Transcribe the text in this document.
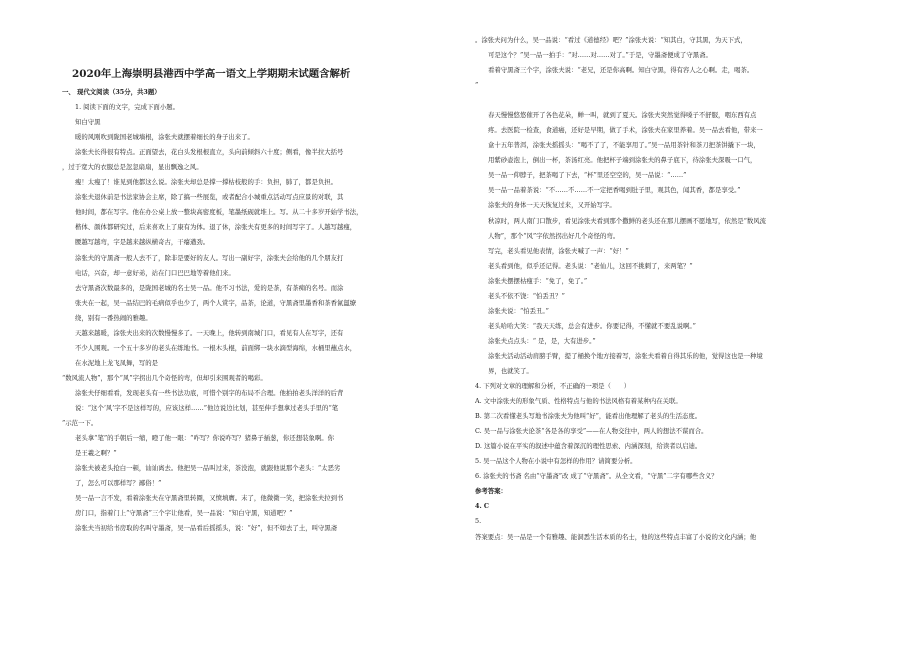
2020年上海崇明县港西中学高一语文上学期期末试题含解析

一、 现代文阅读（35分，共3题）

1. 阅读下面的文字，完成下面小题。

知白守黑

暖的风刚吹到陇国老城墙根，涂张夫就摆着细长的身子出来了。

涂张夫长得很有特点。正面望去，花白头发根根直立，头向前倾斜六十度；侧看，像半拉大括号

，过于宽大的衣服总是忽忽扇扇，显出飘逸之风。

瘦！太瘦了！谁见到他都这么说。涂张夫却总是撑一撑枯枝般的手：负担，肺了，都是负担。

涂张夫退休前是书法家协会主席，除了搞一些展览，或者配合小城重点活动写点应景的对联，其

他时间，都在写字。他在办公桌上放一整块高密度板，笔墨纸砚就堆上。写。从二十多岁开始学书法，

楷体、颜体都研究过，后来喜欢上了康有为体。退了休，涂张夫有更多的时间写字了。人越写越瘦，

腰越写越弯，字是越来越纵横奇古，干瘪遒劲。

涂张夫的守黑斋一般人去不了，除非是要好的友人。写出一副好字，涂张夫会给他的几个朋友打

电话，兴奋，却一意好弟，站在门口巴巴地等着他们来。

去守黑斋次数最多的，是陇国老城的名士吴一品。他不习书法，爱的是茶，有茶痴的名号。而涂

张夫在一起，吴一品结巴的毛病似乎也少了，两个人赏字，品茶，论道，守黑斋里墨香和茶香氤氲缭

绕，别有一番热闹的雅趣。

天越来越暖，涂张夫出来的次数慢慢多了。一天晚上，他转到南城门口，看见有人在写字，还有

不少人围观。一个五十多岁的老头在练地书。一根木头棍，前面绑一块水滴型海绵，水桶里蘸点水，

在水泥地上龙飞凤舞，写的是

“数风流人物”，那个“风”字拐出几个奇怪的弯，但却引来围观者的喝彩。

涂张夫仔细看看，发现老头有一些书法功底，可惜个别字的布局不合理。他拍拍老头洋洋的后背

说：“这个‘风’字不是这样写的，应该这样……”他边说边比划，甚至伸手想拿过老头手里的“笔

”示范一下。

老头拿“笔”的手朝后一缩，瞪了他一眼：“咋写？你说咋写？猪鼻子插葱，你还想装象啊。你

是王羲之啊？”

涂张夫被老头抢白一顿，讪讪离去。他把吴一品叫过来，茶没泡，就跟他说那个老头：“太恶劣

了，怎么可以那样写？鄙俗！”

吴一品一言不发，看着涂张夫在守黑斋里转圈，又愤填膺。末了，他微微一笑，把涂张夫拉到书

房门口，指着门上“守黑斋”三个字让他看，吴一品说：“知白守黑，知道吧？”

涂张夫当初给书房取的名叫守墨斋，吴一品看后摇摇头，说：“好”，但不如去了土，叫守黑斋

。涂张夫问为什么，吴一品说：“看过《道德经》吧？”涂张夫说：“知其白，守其黑，为天下式，

可是这个？”吴一品一拍手：“对……对……对了。”于是，守墨斋便成了守黑斋。

看着守黑斋三个字，涂张夫说：“老兄，还是你高啊。知白守黑，得有容人之心啊。走，喝茶。

”

春天慢慢悠悠催开了各色花朵，蝉一叫，就到了夏天。涂张夫突然觉得嗓子不舒服，咽东西有点

疼。去医院一检查，食道癌，还好是早期，做了手术，涂张夫在家里养着。吴一品去看他，带来一

盒十五年普洱，涂张夫摇摇头：“喝不了了，不能享用了。”吴一品用茶针和茶刀把茶饼撬下一块，

用紫砂壶泡上，倒出一杯，茶汤红亮。他把杯子端到涂张夫的鼻子底下，待涂张夫深吸一口气，

吴一品一仰脖子，把茶喝了下去，“杯”里还空空的，吴一品说：“……”

吴一品一品着茶说：“不……不……不一定把香喝到肚子里，观其色，闻其香，都是享受。”

涂张夫的身体一天天恢复过来，又开始写字。

秋凉时，两人南门口散步，看见涂张夫看到那个撒鲜的老头还在那儿摆画不愿地写，依然是“数风流

人物”，那个“风”字依然拐出好几个奇怪的弯。

写完，老头看见他表情，涂张夫喊了一声：“好！”

老头看到他，似乎还记得。老头说：“老仙儿，这回不挑刺了，来两笔？”

涂张夫摆摆枯瘦手：“免了，免了。”

老头不依不饶：“怕丢丑？”

涂张夫说：“怕丢丑。”

老头哈哈大笑：“我天天练，总会有进步。你要记得，不懂就不要乱说啊。”

涂张夫点点头：“ 是，是，大有进步。”

涂张夫活动活动肩膀手臂，提了桶换个地方接着写，涂张夫看着自得其乐的他，觉得这也是一种境

界，也就笑了。

4. 下列对文章的理解和分析，不正确的一项是（　　）

A. 文中涂张夫的形象气质、性格特点与他的书法风格有着某种内在关联。

B. 第二次看懂老头写地书涂张夫为他叫“好”，能看出他理解了老头的生活态度。

C. 吴一品与涂张夫论茶“各是各的享受”——在人物交往中，两人的想法不谋而合。

D. 这篇小说在平实的叙述中蕴含着深沉的理性思索、内涵深刻，给读者以启迪。

5. 吴一品这个人物在小说中有怎样的作用？请简要分析。

6. 涂张夫的书斋 名由“守墨斋”改 成了“守黑斋”。从全文看，“守黑”二字有哪些含义？

参考答案：

4. C

5.

答案要点：吴一品是一个有雅趣、能洞悉生活本质的名士，他的这些特点丰富了小说的文化内涵；他
